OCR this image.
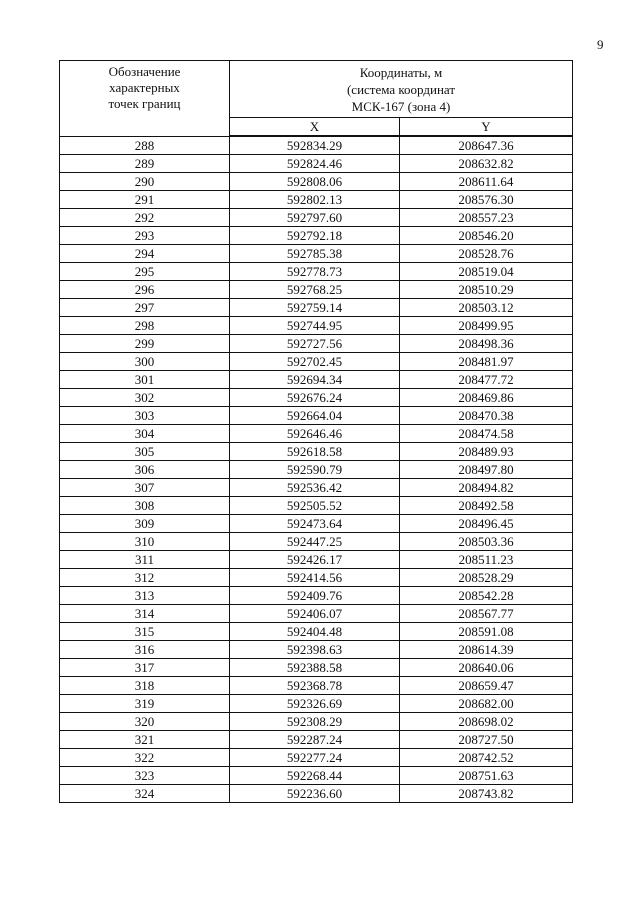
9
Обозначение
характерных
точек границ	Координаты, м
(система координат
МСК-167 (зона 4)	
	X	Y
288	592834.29	208647.36
289	592824.46	208632.82
290	592808.06	208611.64
291	592802.13	208576.30
292	592797.60	208557.23
293	592792.18	208546.20
294	592785.38	208528.76
295	592778.73	208519.04
296	592768.25	208510.29
297	592759.14	208503.12
298	592744.95	208499.95
299	592727.56	208498.36
300	592702.45	208481.97
301	592694.34	208477.72
302	592676.24	208469.86
303	592664.04	208470.38
304	592646.46	208474.58
305	592618.58	208489.93
306	592590.79	208497.80
307	592536.42	208494.82
308	592505.52	208492.58
309	592473.64	208496.45
310	592447.25	208503.36
311	592426.17	208511.23
312	592414.56	208528.29
313	592409.76	208542.28
314	592406.07	208567.77
315	592404.48	208591.08
316	592398.63	208614.39
317	592388.58	208640.06
318	592368.78	208659.47
319	592326.69	208682.00
320	592308.29	208698.02
321	592287.24	208727.50
322	592277.24	208742.52
323	592268.44	208751.63
324	592236.60	208743.82
